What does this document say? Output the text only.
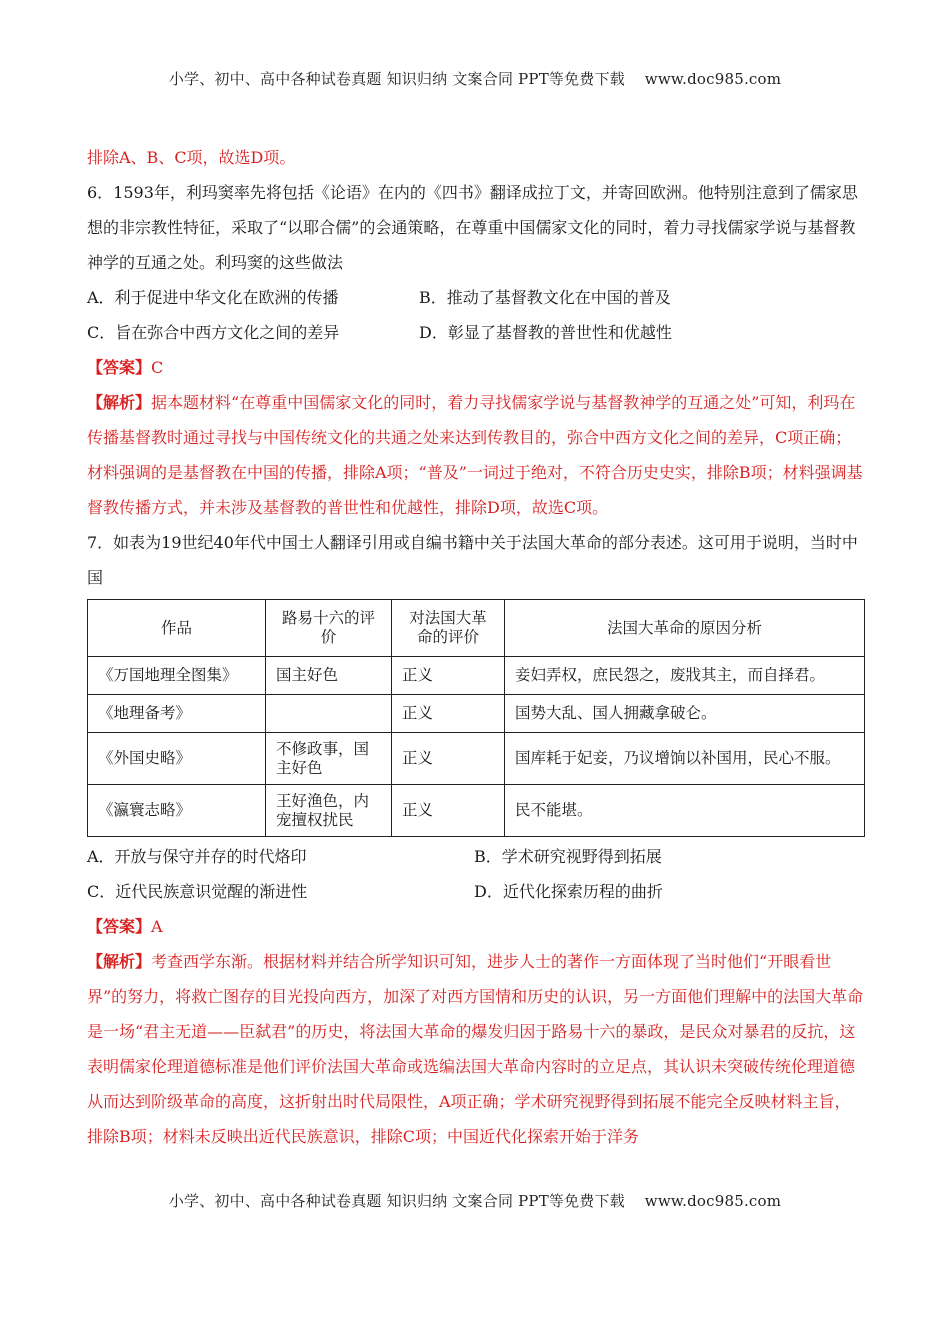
小学、初中、高中各种试卷真题 知识归纳 文案合同 PPT等免费下载    www.doc985.com

排除A、B、C项，故选D项。

6．1593年，利玛窦率先将包括《论语》在内的《四书》翻译成拉丁文，并寄回欧洲。他特别注意到了儒家思想的非宗教性特征，采取了“以耶合儒”的会通策略，在尊重中国儒家文化的同时，着力寻找儒家学说与基督教神学的互通之处。利玛窦的这些做法

A．利于促进中华文化在欧洲的传播	B．推动了基督教文化在中国的普及
C．旨在弥合中西方文化之间的差异	D．彰显了基督教的普世性和优越性

【答案】C

【解析】据本题材料“在尊重中国儒家文化的同时，着力寻找儒家学说与基督教神学的互通之处”可知，利玛在传播基督教时通过寻找与中国传统文化的共通之处来达到传教目的，弥合中西方文化之间的差异，C项正确；材料强调的是基督教在中国的传播，排除A项；“普及”一词过于绝对，不符合历史史实，排除B项；材料强调基督教传播方式，并未涉及基督教的普世性和优越性，排除D项，故选C项。

7．如表为19世纪40年代中国士人翻译引用或自编书籍中关于法国大革命的部分表述。这可用于说明，当时中国

作品	路易十六的评价	对法国大革命的评价	法国大革命的原因分析
《万国地理全图集》	国主好色	正义	妾妇弄权，庶民怨之，废戕其主，而自择君。
《地理备考》		正义	国势大乱、国人拥藏拿破仑。
《外国史略》	不修政事，国主好色	正义	国库耗于妃妾，乃议增饷以补国用，民心不服。
《瀛寰志略》	王好渔色，内宠擅权扰民	正义	民不能堪。
A．开放与保守并存的时代烙印	B．学术研究视野得到拓展
C．近代民族意识觉醒的渐进性	D．近代化探索历程的曲折

【答案】A

【解析】考查西学东渐。根据材料并结合所学知识可知，进步人士的著作一方面体现了当时他们“开眼看世界”的努力，将救亡图存的目光投向西方，加深了对西方国情和历史的认识，另一方面他们理解中的法国大革命是一场“君主无道——臣弑君”的历史，将法国大革命的爆发归因于路易十六的暴政，是民众对暴君的反抗，这表明儒家伦理道德标准是他们评价法国大革命或选编法国大革命内容时的立足点，其认识未突破传统伦理道德从而达到阶级革命的高度，这折射出时代局限性，A项正确；学术研究视野得到拓展不能完全反映材料主旨，排除B项；材料未反映出近代民族意识，排除C项；中国近代化探索开始于洋务

小学、初中、高中各种试卷真题 知识归纳 文案合同 PPT等免费下载    www.doc985.com
